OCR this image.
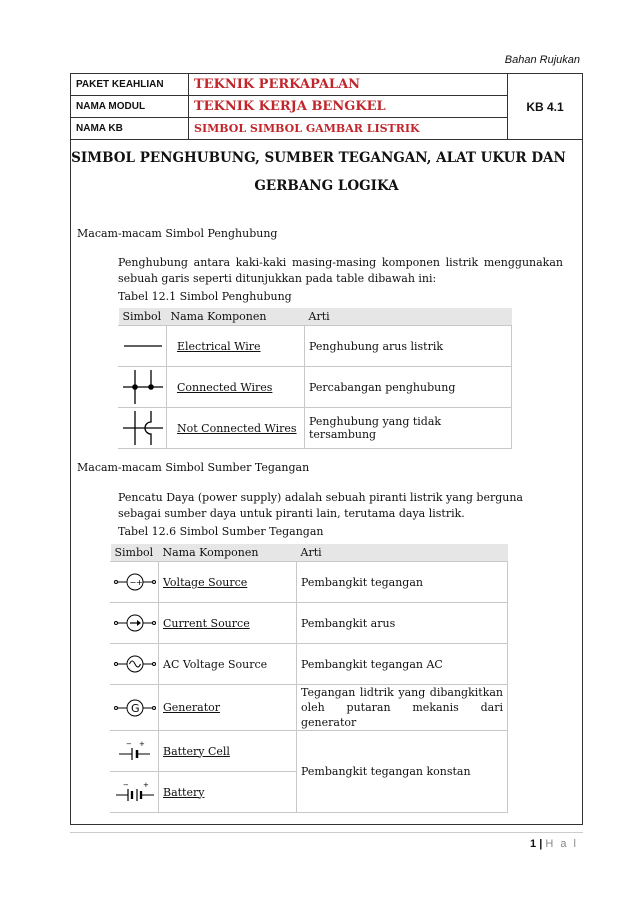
Bahan Rujukan
PAKET KEAHLIAN	TEKNIK PERKAPALAN	KB 4.1
NAMA MODUL	TEKNIK KERJA BENGKEL	
NAMA KB	SIMBOL SIMBOL GAMBAR LISTRIK	
SIMBOL PENGHUBUNG, SUMBER TEGANGAN, ALAT UKUR DAN
GERBANG LOGIKA
Macam-macam Simbol Penghubung
Penghubung antara kaki-kaki masing-masing komponen listrik menggunakan sebuah garis seperti ditunjukkan pada table dibawah ini:
Tabel 12.1 Simbol Penghubung
Simbol	Nama Komponen	Arti

	Electrical Wire	Penghubung arus listrik

	Connected Wires	Percabangan penghubung

	Not Connected Wires	Penghubung yang tidak tersambung
Macam-macam Simbol Sumber Tegangan
Pencatu Daya (power supply) adalah sebuah piranti listrik yang berguna sebagai sumber daya untuk piranti lain, terutama daya listrik.
Tabel 12.6 Simbol Sumber Tegangan
Simbol	Nama Komponen	Arti

− +	Voltage Source	Pembangkit tegangan

	Current Source	Pembangkit arus

	AC Voltage Source	Pembangkit tegangan AC

G	Generator	Tegangan lidtrik yang dibangkitkan oleh putaran mekanis dari generator

− +	Battery Cell	Pembangkit tegangan konstan

− +	Battery	
1 | H a l
